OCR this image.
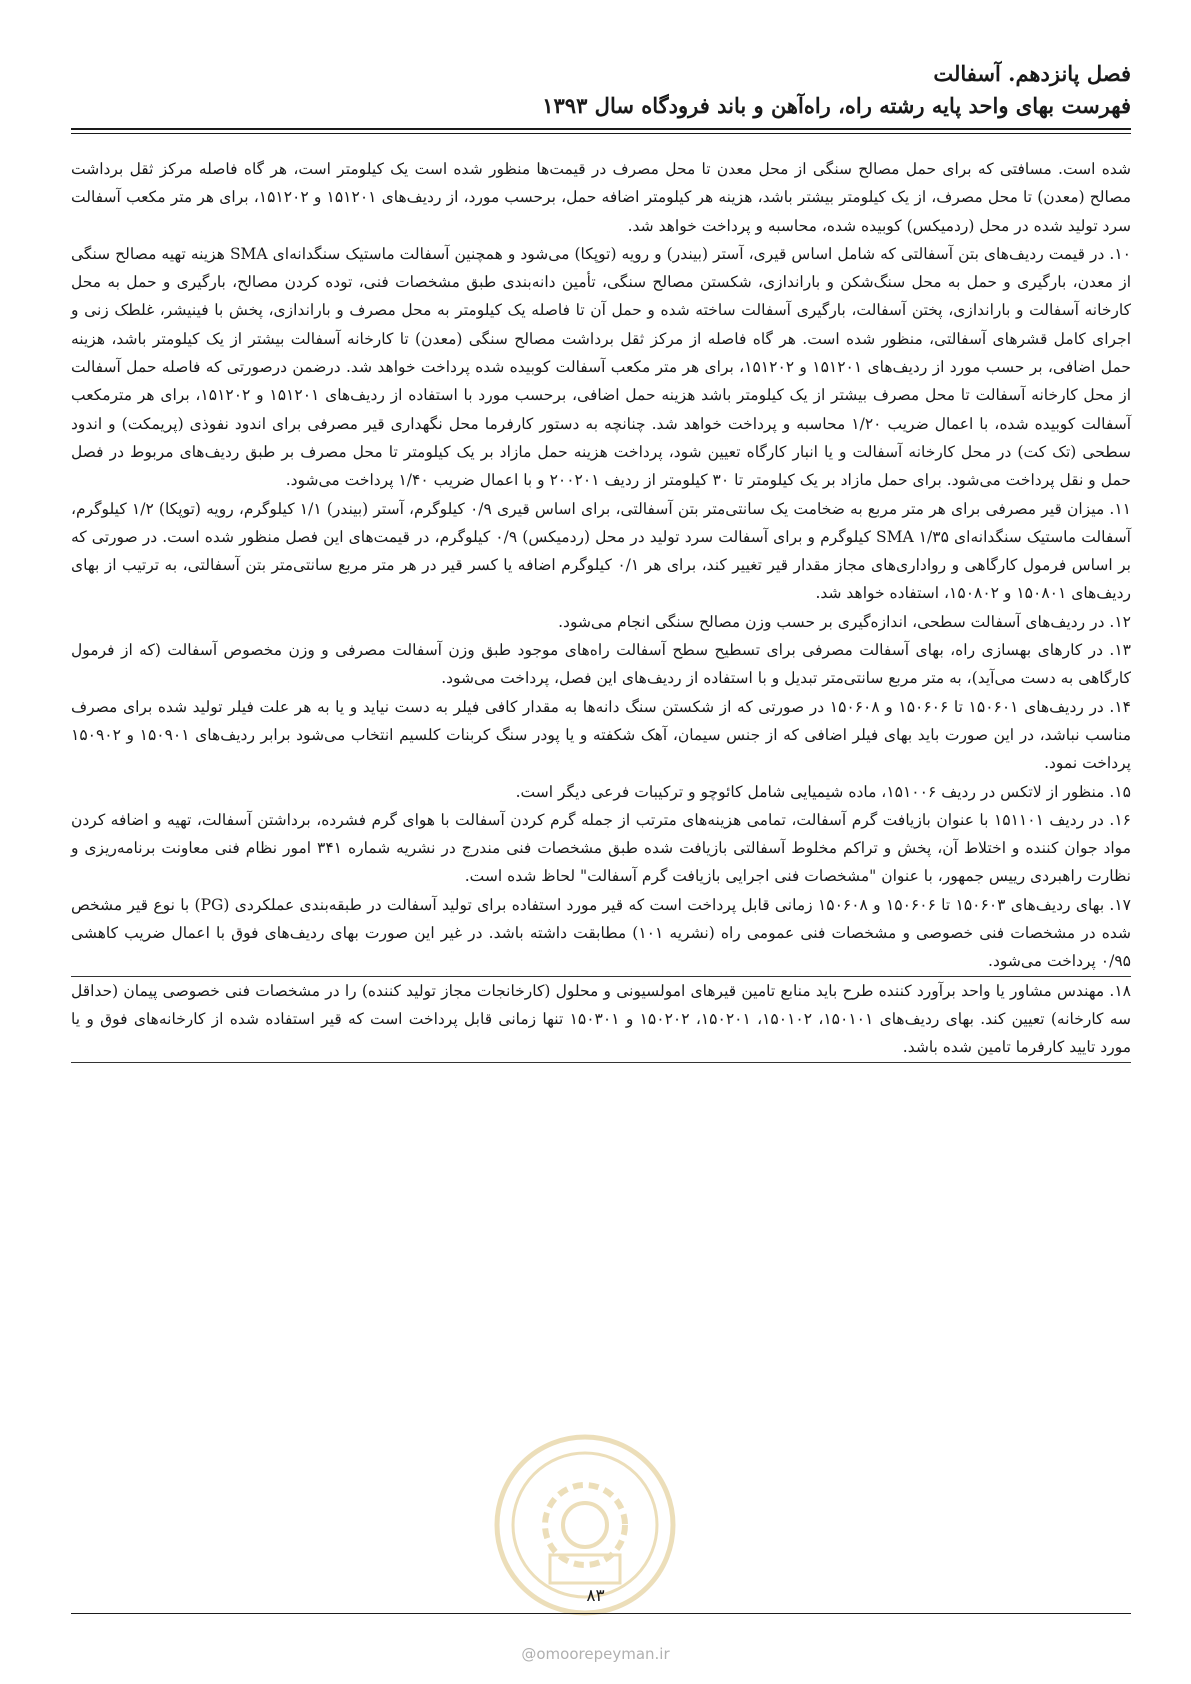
فصل پانزدهم. آسفالت
فهرست بهای واحد پایه رشته راه، راه‌آهن و باند فرودگاه سال ۱۳۹۳

شده است. مسافتی که برای حمل مصالح سنگی از محل معدن تا محل مصرف در قیمت‌ها منظور شده است یک کیلومتر است، هر گاه فاصله مرکز ثقل برداشت مصالح (معدن) تا محل مصرف، از یک کیلومتر بیشتر باشد، هزینه هر کیلومتر اضافه حمل، برحسب مورد، از ردیف‌های ۱۵۱۲۰۱ و ۱۵۱۲۰۲، برای هر متر مکعب آسفالت سرد تولید شده در محل (ردمیکس) کوبیده شده، محاسبه و پرداخت خواهد شد.

۱۰. در قیمت ردیف‌های بتن آسفالتی که شامل اساس قیری، آستر (بیندر) و رویه (توپکا) می‌شود و همچنین آسفالت ماستیک سنگدانه‌ای SMA هزینه تهیه مصالح سنگی از معدن، بارگیری و حمل به محل سنگ‌شکن و باراندازی، شکستن مصالح سنگی، تأمین دانه‌بندی طبق مشخصات فنی، توده کردن مصالح، بارگیری و حمل به محل کارخانه آسفالت و باراندازی، پختن آسفالت، بارگیری آسفالت ساخته شده و حمل آن تا فاصله یک کیلومتر به محل مصرف و باراندازی، پخش با فینیشر، غلطک زنی و اجرای کامل قشرهای آسفالتی، منظور شده است. هر گاه فاصله از مرکز ثقل برداشت مصالح سنگی (معدن) تا کارخانه آسفالت بیشتر از یک کیلومتر باشد، هزینه حمل اضافی، بر حسب مورد از ردیف‌های ۱۵۱۲۰۱ و ۱۵۱۲۰۲، برای هر متر مکعب آسفالت کوبیده شده پرداخت خواهد شد. درضمن درصورتی که فاصله حمل آسفالت از محل کارخانه آسفالت تا محل مصرف بیشتر از یک کیلومتر باشد هزینه حمل اضافی، برحسب مورد با استفاده از ردیف‌های ۱۵۱۲۰۱ و ۱۵۱۲۰۲، برای هر مترمکعب آسفالت کوبیده شده، با اعمال ضریب ۱/۲۰ محاسبه و پرداخت خواهد شد. چنانچه به دستور کارفرما محل نگهداری قیر مصرفی برای اندود نفوذی (پریمکت) و اندود سطحی (تک کت) در محل کارخانه آسفالت و یا انبار کارگاه تعیین شود، پرداخت هزینه حمل مازاد بر یک کیلومتر تا محل مصرف بر طبق ردیف‌های مربوط در فصل حمل و نقل پرداخت می‌شود. برای حمل مازاد بر یک کیلومتر تا ۳۰ کیلومتر از ردیف ۲۰۰۲۰۱ و با اعمال ضریب ۱/۴۰ پرداخت می‌شود.

۱۱. میزان قیر مصرفی برای هر متر مربع به ضخامت یک سانتی‌متر بتن آسفالتی، برای اساس قیری ۰/۹ کیلوگرم، آستر (بیندر) ۱/۱ کیلوگرم، رویه (توپکا) ۱/۲ کیلوگرم، آسفالت ماستیک سنگدانه‌ای SMA ۱/۳۵ کیلوگرم و برای آسفالت سرد تولید در محل (ردمیکس) ۰/۹ کیلوگرم، در قیمت‌های این فصل منظور شده است. در صورتی که بر اساس فرمول کارگاهی و رواداری‌های مجاز مقدار قیر تغییر کند، برای هر ۰/۱ کیلوگرم اضافه یا کسر قیر در هر متر مربع سانتی‌متر بتن آسفالتی، به ترتیب از بهای ردیف‌های ۱۵۰۸۰۱ و ۱۵۰۸۰۲، استفاده خواهد شد.

۱۲. در ردیف‌های آسفالت سطحی، اندازه‌گیری بر حسب وزن مصالح سنگی انجام می‌شود.

۱۳. در کارهای بهسازی راه، بهای آسفالت مصرفی برای تسطیح سطح آسفالت راه‌های موجود طبق وزن آسفالت مصرفی و وزن مخصوص آسفالت (که از فرمول کارگاهی به دست می‌آید)، به متر مربع سانتی‌متر تبدیل و با استفاده از ردیف‌های این فصل، پرداخت می‌شود.

۱۴. در ردیف‌های ۱۵۰۶۰۱ تا ۱۵۰۶۰۶ و ۱۵۰۶۰۸ در صورتی که از شکستن سنگ دانه‌ها به مقدار کافی فیلر به دست نیاید و یا به هر علت فیلر تولید شده برای مصرف مناسب نباشد، در این صورت باید بهای فیلر اضافی که از جنس سیمان، آهک شکفته و یا پودر سنگ کربنات کلسیم انتخاب می‌شود برابر ردیف‌های ۱۵۰۹۰۱ و ۱۵۰۹۰۲ پرداخت نمود.

۱۵. منظور از لاتکس در ردیف ۱۵۱۰۰۶، ماده شیمیایی شامل کائوچو و ترکیبات فرعی دیگر است.

۱۶. در ردیف ۱۵۱۱۰۱ با عنوان بازیافت گرم آسفالت، تمامی هزینه‌های مترتب از جمله گرم کردن آسفالت با هوای گرم فشرده، برداشتن آسفالت، تهیه و اضافه کردن مواد جوان کننده و اختلاط آن، پخش و تراکم مخلوط آسفالتی بازیافت شده طبق مشخصات فنی مندرج در نشریه شماره ۳۴۱ امور نظام فنی معاونت برنامه‌ریزی و نظارت راهبردی رییس جمهور، با عنوان "مشخصات فنی اجرایی بازیافت گرم آسفالت" لحاظ شده است.

۱۷. بهای ردیف‌های ۱۵۰۶۰۳ تا ۱۵۰۶۰۶ و ۱۵۰۶۰۸ زمانی قابل پرداخت است که قیر مورد استفاده برای تولید آسفالت در طبقه‌بندی عملکردی (PG) با نوع قیر مشخص شده در مشخصات فنی خصوصی و مشخصات فنی عمومی راه (نشریه ۱۰۱) مطابقت داشته باشد. در غیر این صورت بهای ردیف‌های فوق با اعمال ضریب کاهشی ۰/۹۵ پرداخت می‌شود.

۱۸. مهندس مشاور یا واحد برآورد کننده طرح باید منابع تامین قیرهای امولسیونی و محلول (کارخانجات مجاز تولید کننده) را در مشخصات فنی خصوصی پیمان (حداقل سه کارخانه) تعیین کند. بهای ردیف‌های ۱۵۰۱۰۱، ۱۵۰۱۰۲، ۱۵۰۲۰۱، ۱۵۰۲۰۲ و ۱۵۰۳۰۱ تنها زمانی قابل پرداخت است که قیر استفاده شده از کارخانه‌های فوق و یا مورد تایید کارفرما تامین شده باشد.

۸۳
@omoorepeyman.ir
